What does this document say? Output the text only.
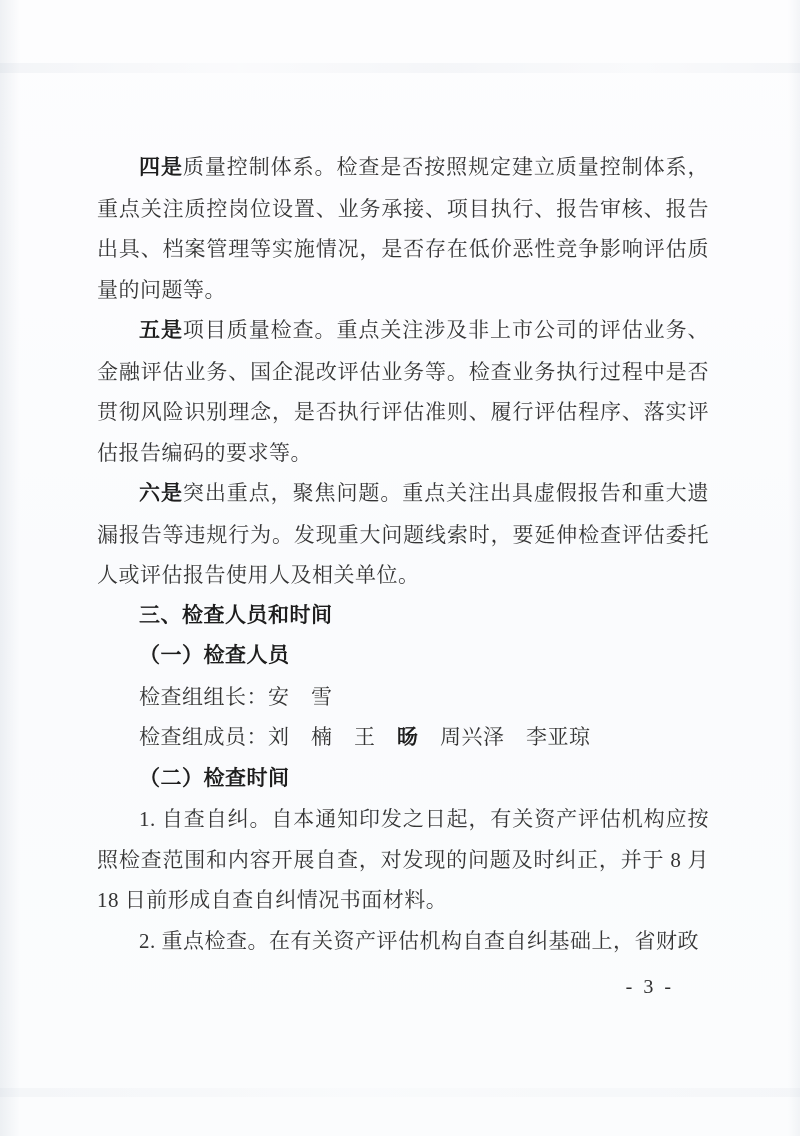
四是质量控制体系。检查是否按照规定建立质量控制体系，重点关注质控岗位设置、业务承接、项目执行、报告审核、报告出具、档案管理等实施情况，是否存在低价恶性竞争影响评估质量的问题等。
五是项目质量检查。重点关注涉及非上市公司的评估业务、金融评估业务、国企混改评估业务等。检查业务执行过程中是否贯彻风险识别理念，是否执行评估准则、履行评估程序、落实评估报告编码的要求等。
六是突出重点，聚焦问题。重点关注出具虚假报告和重大遗漏报告等违规行为。发现重大问题线索时，要延伸检查评估委托人或评估报告使用人及相关单位。
三、检查人员和时间
（一）检查人员
检查组组长：安　雪
检查组成员：刘　楠　王　旸　周兴泽　李亚琼
（二）检查时间
1. 自查自纠。自本通知印发之日起，有关资产评估机构应按照检查范围和内容开展自查，对发现的问题及时纠正，并于 8 月 18 日前形成自查自纠情况书面材料。
2. 重点检查。在有关资产评估机构自查自纠基础上，省财政
- 3 -
